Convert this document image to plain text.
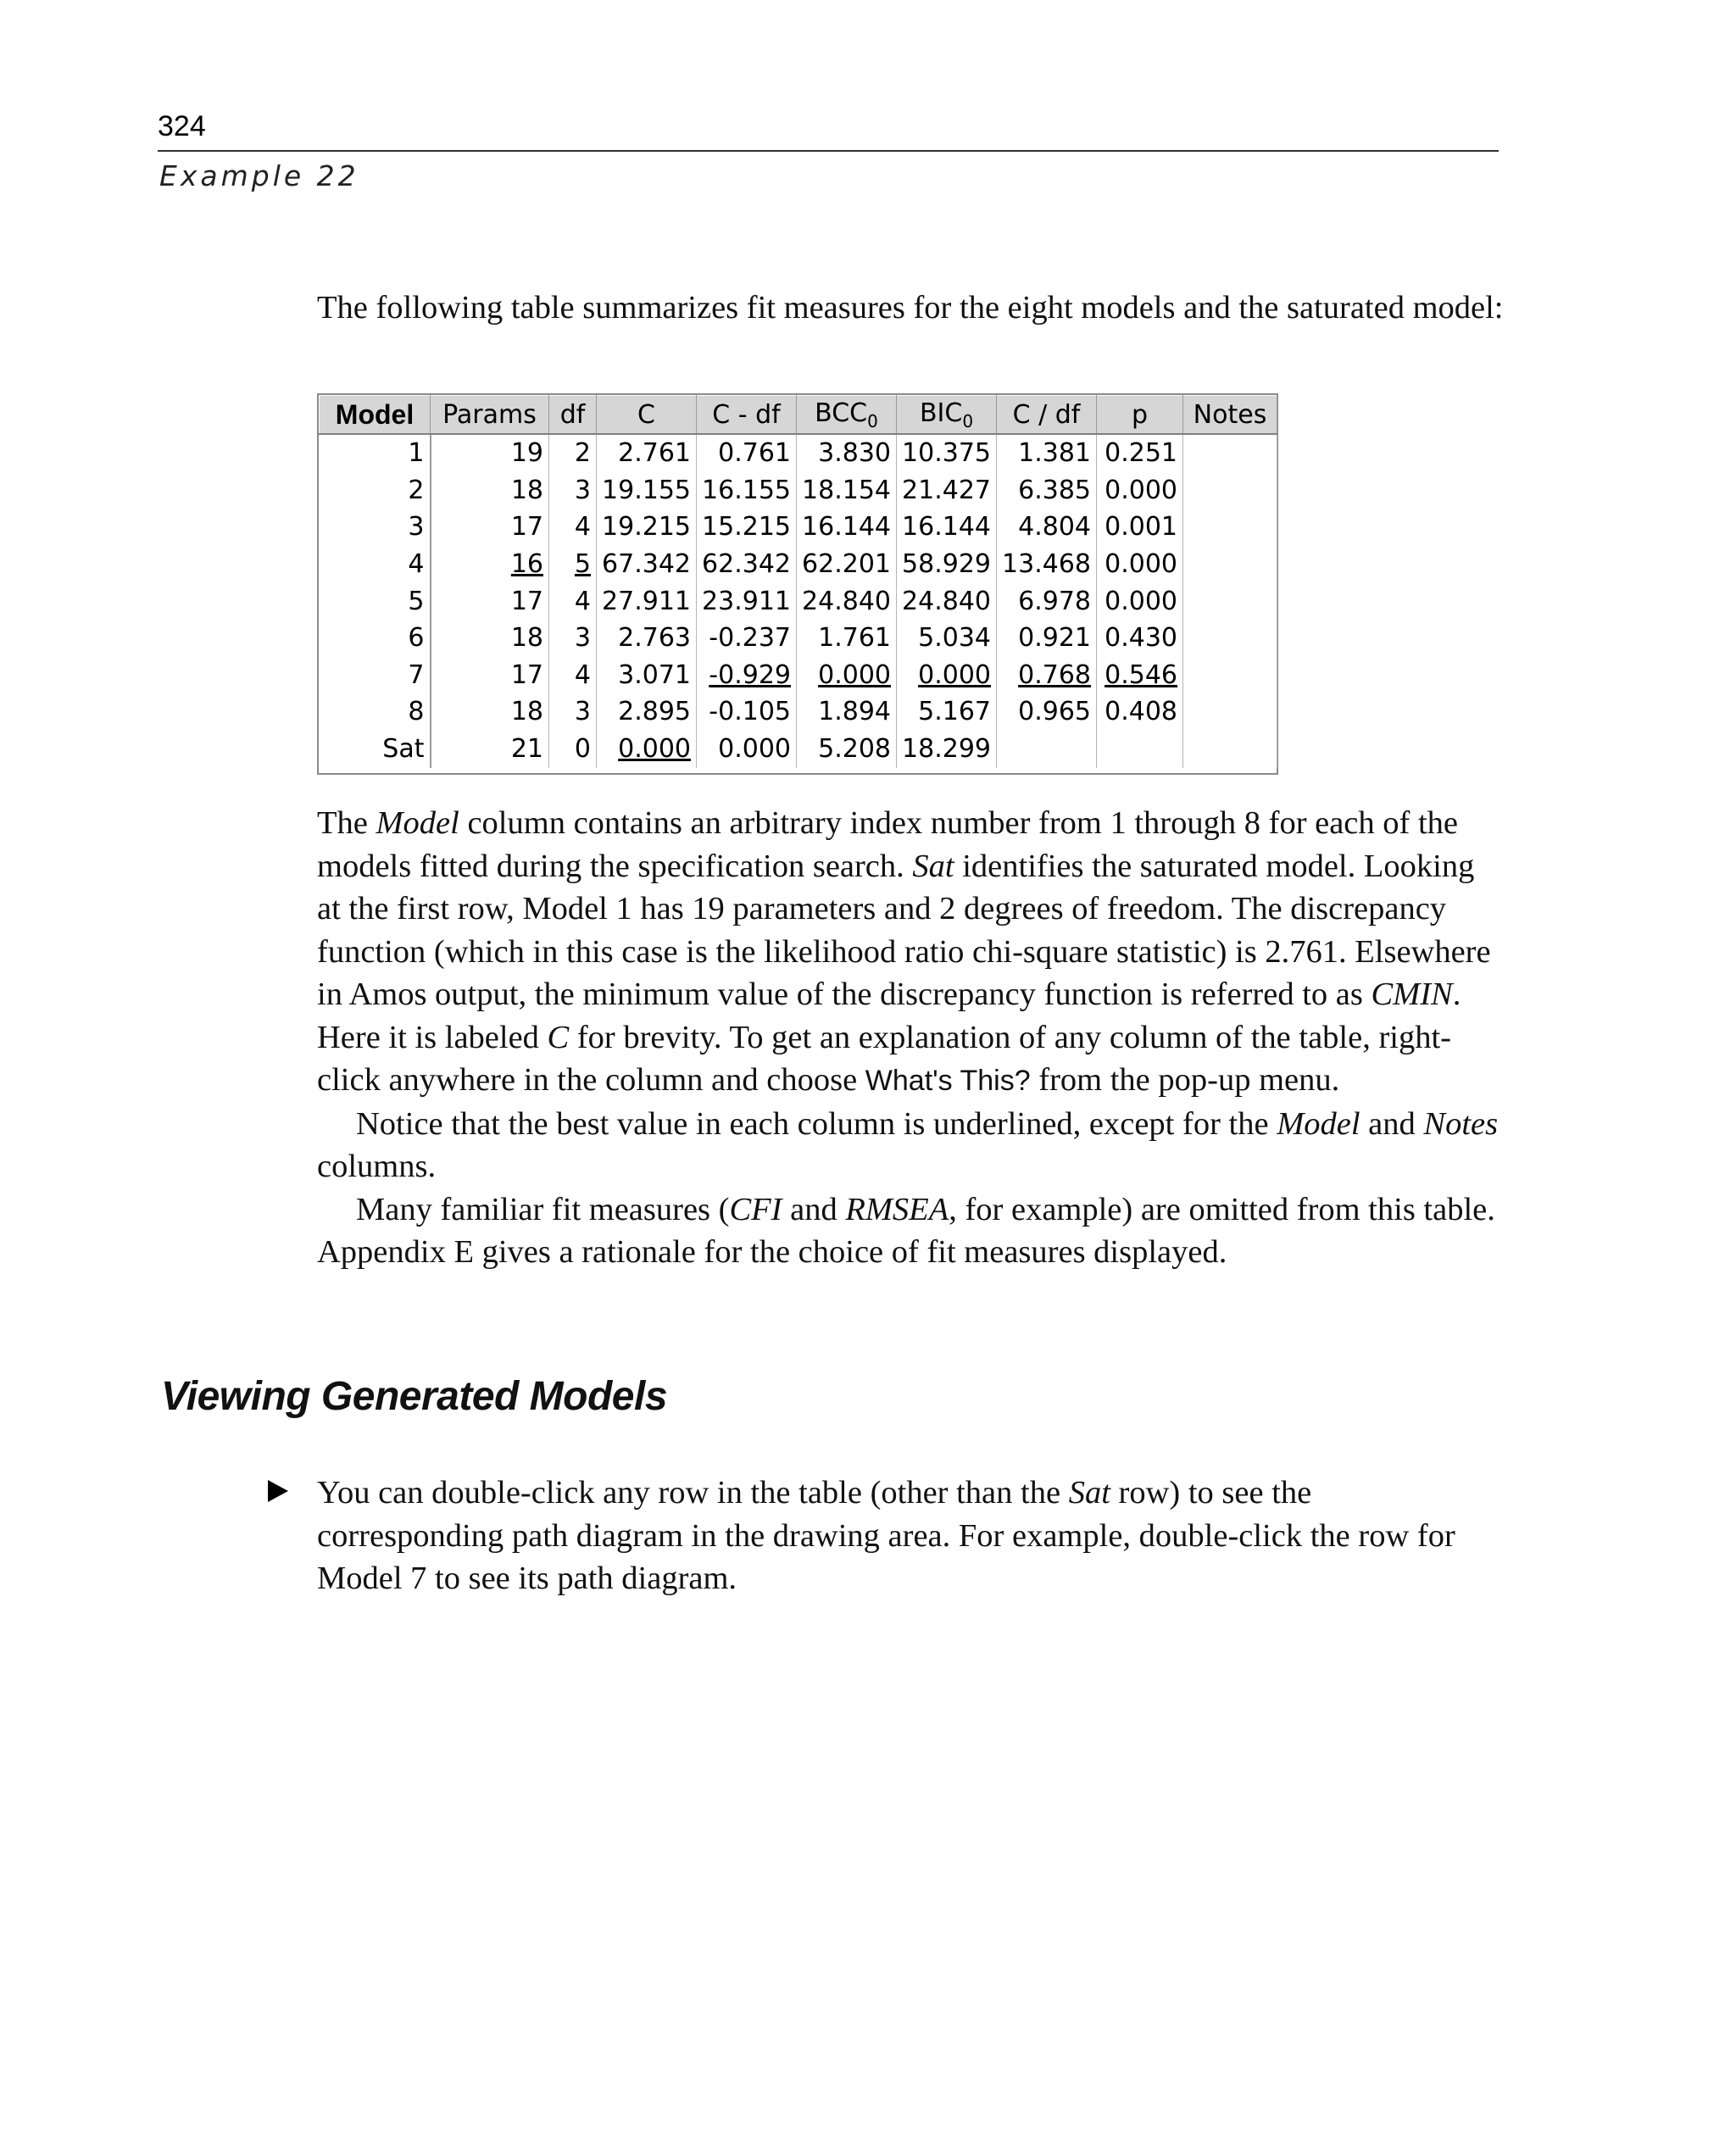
324
Example 22
The following table summarizes fit measures for the eight models and the saturated model:
Model	Params	df	C	C - df	$BCC_0$	$BIC_0$	C / df	p	Notes
1	19	2	2.761	0.761	3.830	10.375	1.381	0.251	
2	18	3	19.155	16.155	18.154	21.427	6.385	0.000	
3	17	4	19.215	15.215	16.144	16.144	4.804	0.001	
4	16	5	67.342	62.342	62.201	58.929	13.468	0.000	
5	17	4	27.911	23.911	24.840	24.840	6.978	0.000	
6	18	3	2.763	-0.237	1.761	5.034	0.921	0.430	
7	17	4	3.071	-0.929	0.000	0.000	0.768	0.546	
8	18	3	2.895	-0.105	1.894	5.167	0.965	0.408	
Sat	21	0	0.000	0.000	5.208	18.299			

The Model column contains an arbitrary index number from 1 through 8 for each of the models fitted during the specification search. Sat identifies the saturated model. Looking at the first row, Model 1 has 19 parameters and 2 degrees of freedom. The discrepancy function (which in this case is the likelihood ratio chi-square statistic) is 2.761. Elsewhere in Amos output, the minimum value of the discrepancy function is referred to as CMIN. Here it is labeled C for brevity. To get an explanation of any column of the table, right-click anywhere in the column and choose What's This? from the pop-up menu.

Notice that the best value in each column is underlined, except for the Model and Notes columns.

Many familiar fit measures (CFI and RMSEA, for example) are omitted from this table. Appendix E gives a rationale for the choice of fit measures displayed.

Viewing Generated Models
You can double-click any row in the table (other than the Sat row) to see the corresponding path diagram in the drawing area. For example, double-click the row for Model 7 to see its path diagram.
